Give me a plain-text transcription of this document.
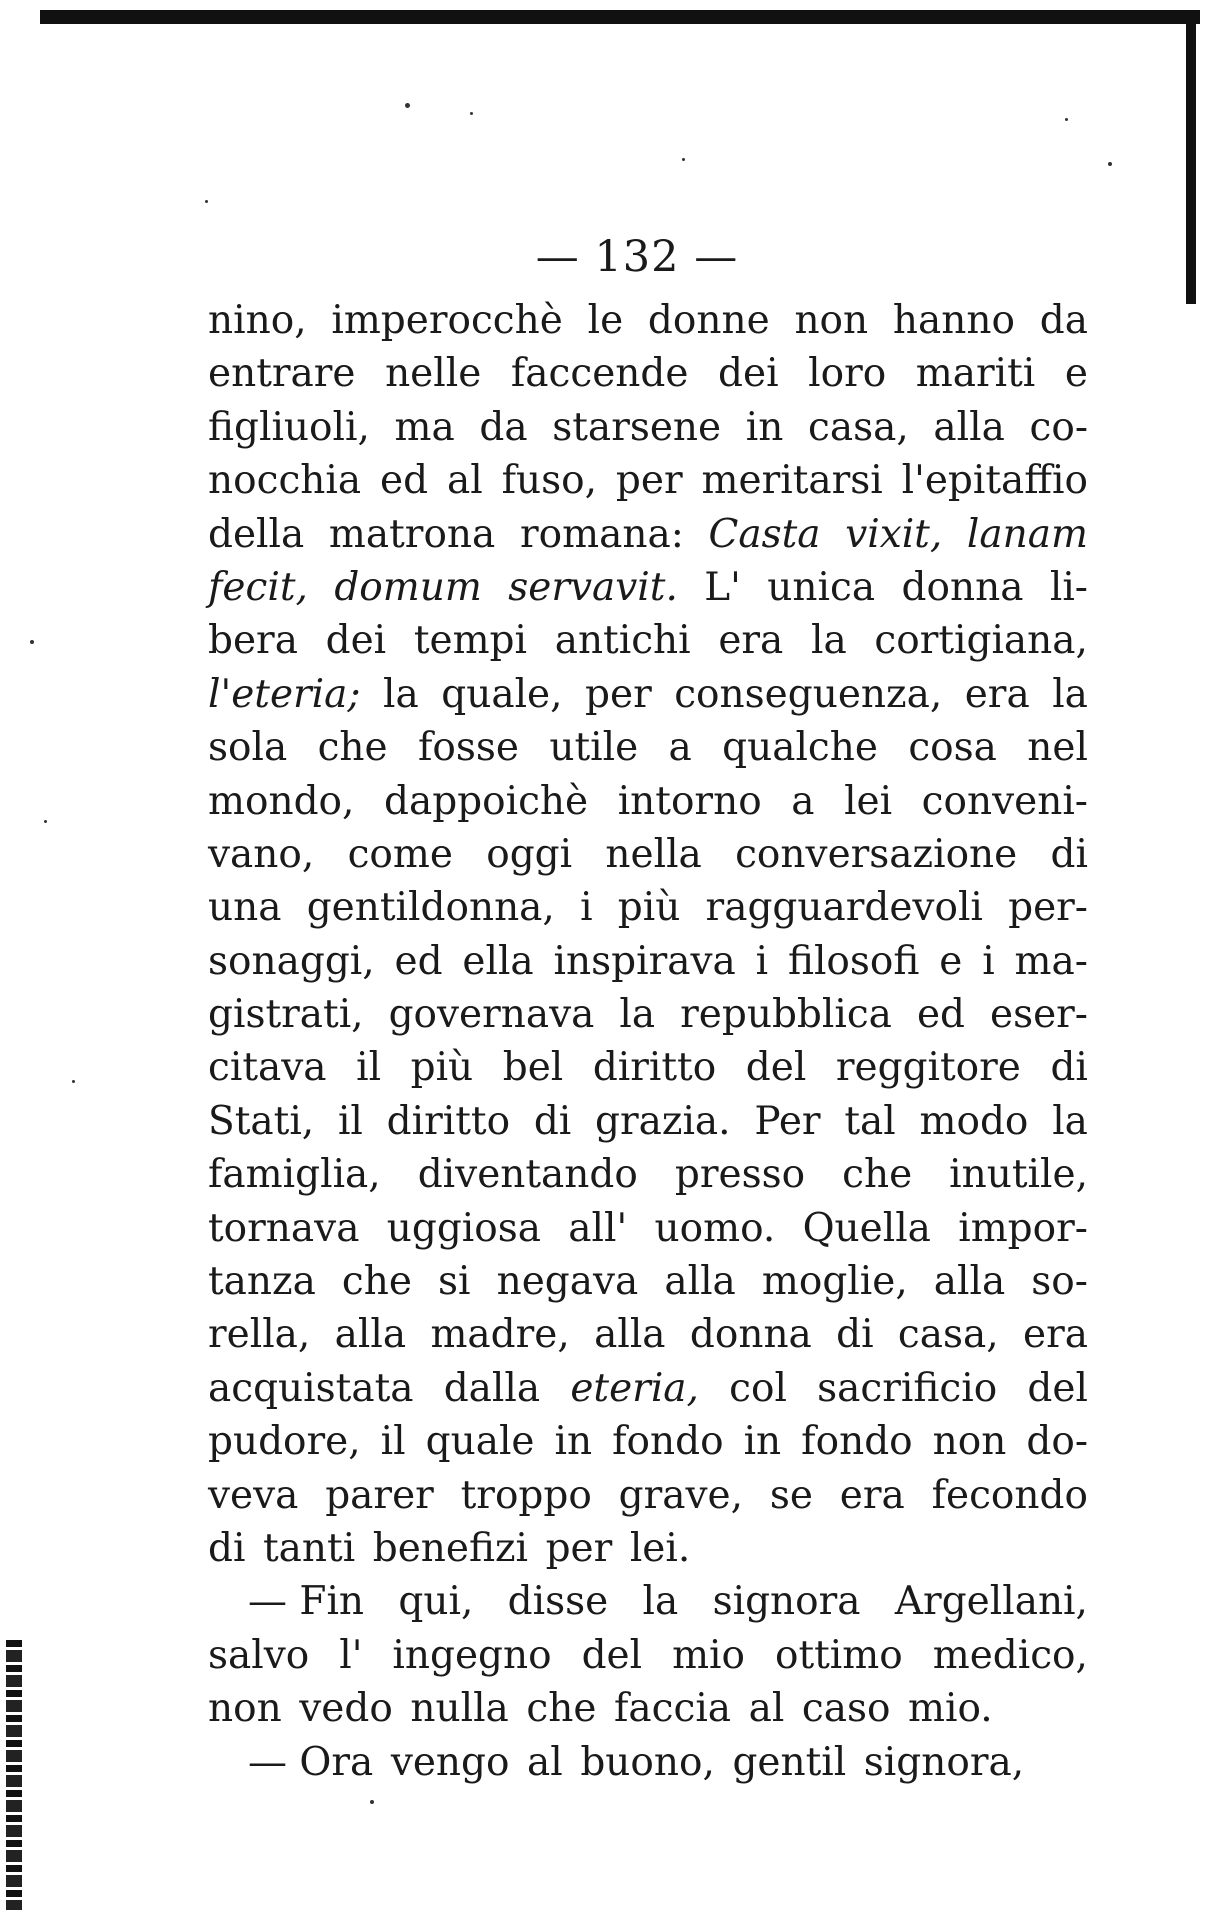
— 132 —
nino, imperocchè le donne non hanno da
entrare nelle faccende dei loro mariti e
figliuoli, ma da starsene in casa, alla co-
nocchia ed al fuso, per meritarsi l'epitaffio
della matrona romana: Casta vixit, lanam
fecit, domum servavit. L' unica donna li-
bera dei tempi antichi era la cortigiana,
l'eteria; la quale, per conseguenza, era la
sola che fosse utile a qualche cosa nel
mondo, dappoichè intorno a lei conveni-
vano, come oggi nella conversazione di
una gentildonna, i più ragguardevoli per-
sonaggi, ed ella inspirava i filosofi e i ma-
gistrati, governava la repubblica ed eser-
citava il più bel diritto del reggitore di
Stati, il diritto di grazia. Per tal modo la
famiglia, diventando presso che inutile,
tornava uggiosa all' uomo. Quella impor-
tanza che si negava alla moglie, alla so-
rella, alla madre, alla donna di casa, era
acquistata dalla eteria, col sacrificio del
pudore, il quale in fondo in fondo non do-
veva parer troppo grave, se era fecondo
di tanti benefizi per lei.
— Fin qui, disse la signora Argellani,
salvo l' ingegno del mio ottimo medico,
non vedo nulla che faccia al caso mio.
— Ora vengo al buono, gentil signora,
